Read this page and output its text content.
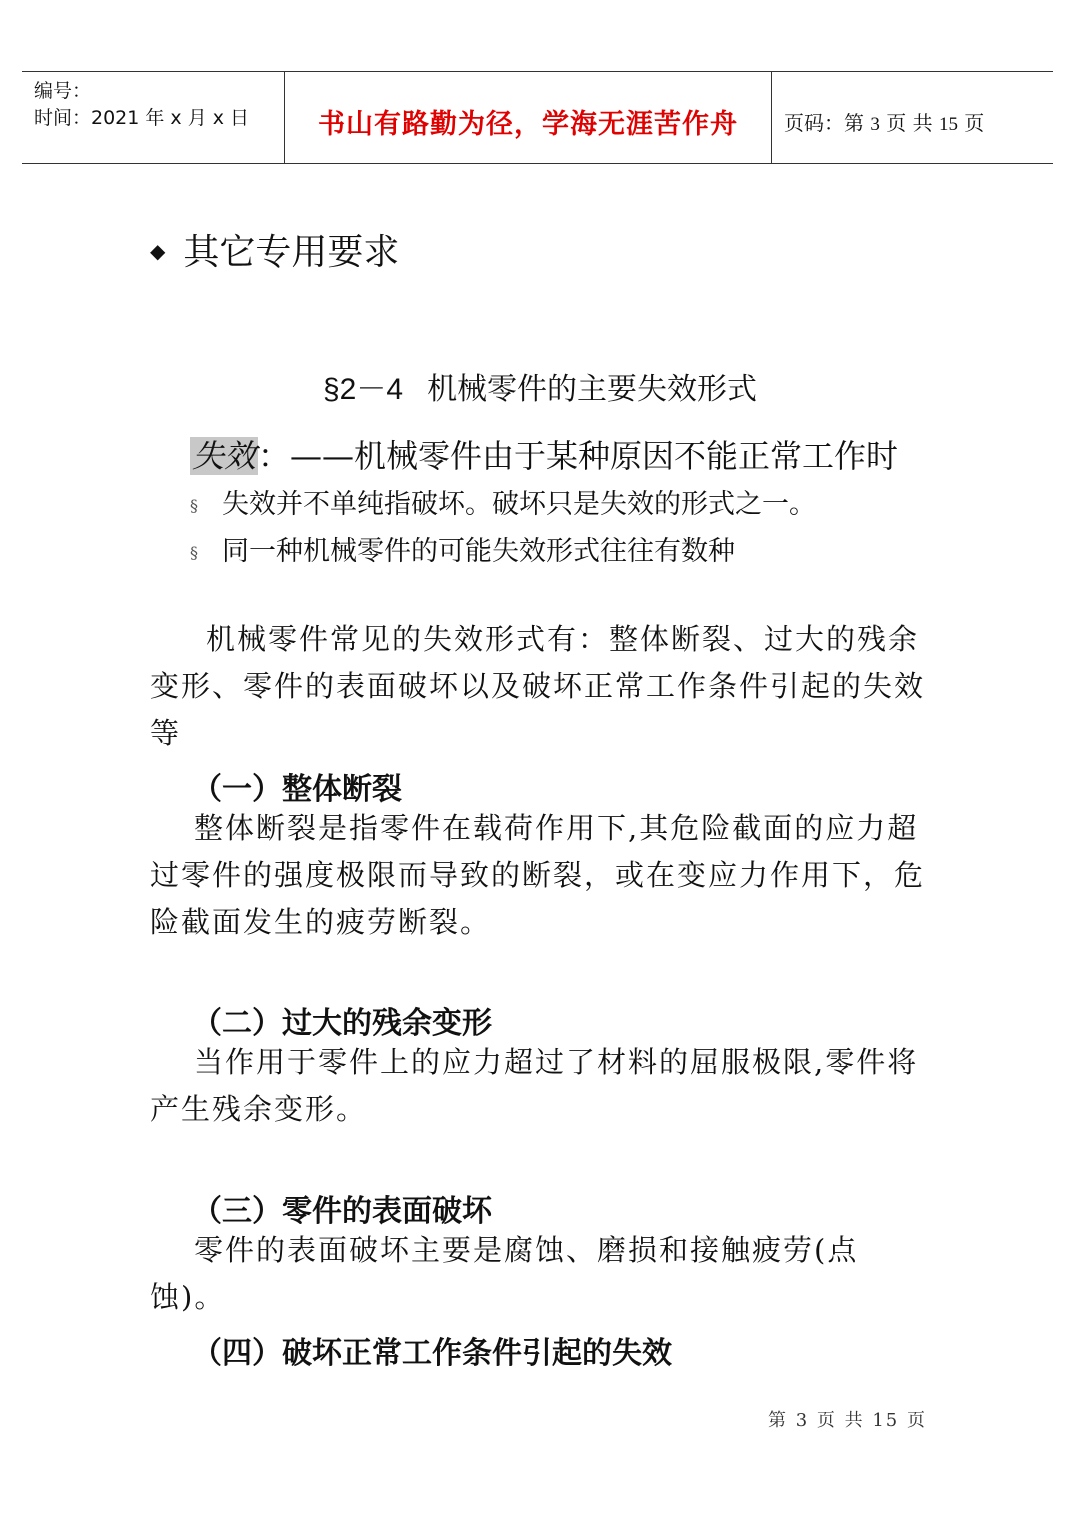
编号：
时间：2021 年 x 月 x 日	书山有路勤为径，学海无涯苦作舟	页码：第 3 页 共 15 页
◆ 其它专用要求
§2－4 机械零件的主要失效形式
失效：——机械零件由于某种原因不能正常工作时
§ 失效并不单纯指破坏。破坏只是失效的形式之一。
§ 同一种机械零件的可能失效形式往往有数种
机械零件常见的失效形式有：整体断裂、过大的残余变形、零件的表面破坏以及破坏正常工作条件引起的失效等
（一）整体断裂
整体断裂是指零件在载荷作用下,其危险截面的应力超过零件的强度极限而导致的断裂，或在变应力作用下，危险截面发生的疲劳断裂。
（二）过大的残余变形
当作用于零件上的应力超过了材料的屈服极限,零件将产生残余变形。
（三）零件的表面破坏
零件的表面破坏主要是腐蚀、磨损和接触疲劳(点蚀)。
（四）破坏正常工作条件引起的失效
第 3 页 共 15 页
